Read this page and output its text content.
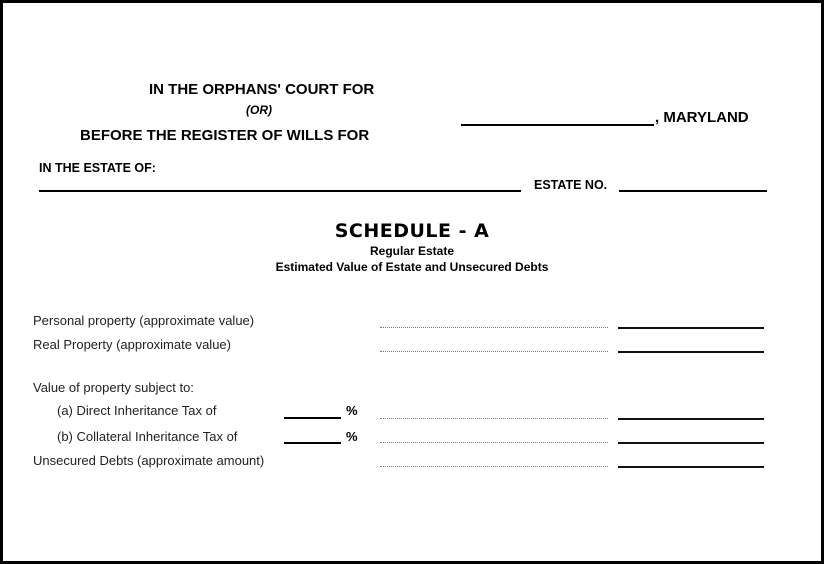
IN THE ORPHANS' COURT FOR
(OR)
BEFORE THE REGISTER OF WILLS FOR
, MARYLAND
IN THE ESTATE OF:
ESTATE NO.
SCHEDULE - A
Regular Estate
Estimated Value of Estate and Unsecured Debts
Personal property (approximate value)
Real Property (approximate value)
Value of property subject to:
(a) Direct Inheritance Tax of	%
(b) Collateral Inheritance Tax of	%
Unsecured Debts (approximate amount)
